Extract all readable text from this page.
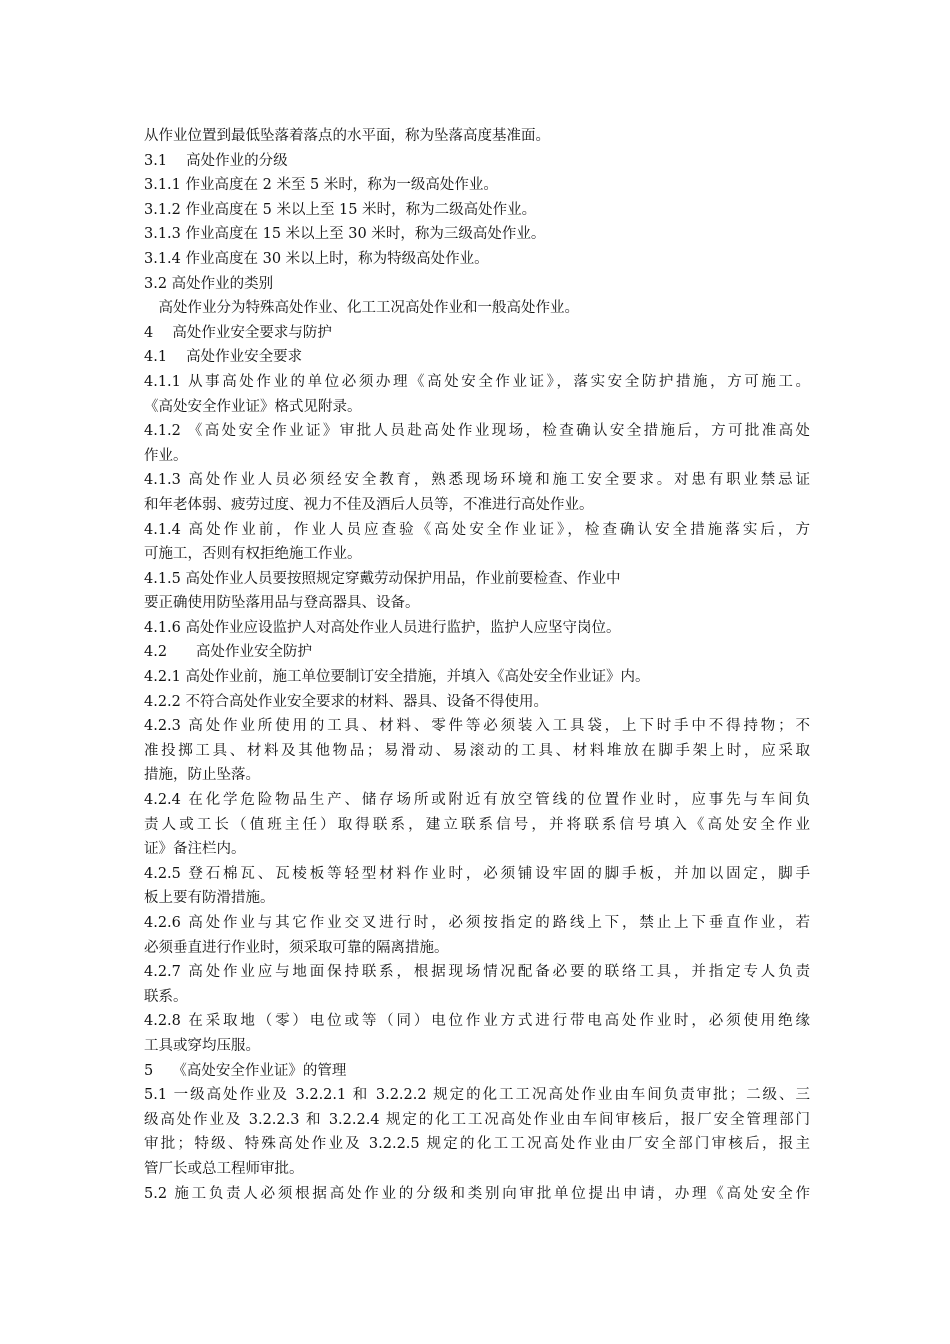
从作业位置到最低坠落着落点的水平面，称为坠落高度基准面。
3.1　 高处作业的分级
3.1.1 作业高度在 2 米至 5 米时，称为一级高处作业。
3.1.2 作业高度在 5 米以上至 15 米时，称为二级高处作业。
3.1.3 作业高度在 15 米以上至 30 米时，称为三级高处作业。
3.1.4 作业高度在 30 米以上时，称为特级高处作业。
3.2 高处作业的类别
　高处作业分为特殊高处作业、化工工况高处作业和一般高处作业。
4　 高处作业安全要求与防护
4.1　 高处作业安全要求
4.1.1 从事高处作业的单位必须办理《高处安全作业证》，落实安全防护措施，方可施工。
《高处安全作业证》格式见附录。
4.1.2 《高处安全作业证》审批人员赴高处作业现场，检查确认安全措施后，方可批准高处
作业。
4.1.3 高处作业人员必须经安全教育，熟悉现场环境和施工安全要求。对患有职业禁忌证
和年老体弱、疲劳过度、视力不佳及酒后人员等，不准进行高处作业。
4.1.4 高处作业前，作业人员应查验《高处安全作业证》，检查确认安全措施落实后，方
可施工，否则有权拒绝施工作业。
4.1.5 高处作业人员要按照规定穿戴劳动保护用品，作业前要检查、作业中
要正确使用防坠落用品与登高器具、设备。
4.1.6 高处作业应设监护人对高处作业人员进行监护，监护人应坚守岗位。
4.2　　高处作业安全防护
4.2.1 高处作业前，施工单位要制订安全措施，并填入《高处安全作业证》内。
4.2.2 不符合高处作业安全要求的材料、器具、设备不得使用。
4.2.3 高处作业所使用的工具、材料、零件等必须装入工具袋，上下时手中不得持物；不
准投掷工具、材料及其他物品；易滑动、易滚动的工具、材料堆放在脚手架上时，应采取
措施，防止坠落。
4.2.4 在化学危险物品生产、储存场所或附近有放空管线的位置作业时，应事先与车间负
责人或工长（值班主任）取得联系，建立联系信号，并将联系信号填入《高处安全作业
证》备注栏内。
4.2.5 登石棉瓦、瓦棱板等轻型材料作业时，必须铺设牢固的脚手板，并加以固定，脚手
板上要有防滑措施。
4.2.6 高处作业与其它作业交叉进行时，必须按指定的路线上下，禁止上下垂直作业，若
必须垂直进行作业时，须采取可靠的隔离措施。
4.2.7 高处作业应与地面保持联系，根据现场情况配备必要的联络工具，并指定专人负责
联系。
4.2.8 在采取地（零）电位或等（同）电位作业方式进行带电高处作业时，必须使用绝缘
工具或穿均压服。
5　 《高处安全作业证》的管理
5.1 一级高处作业及 3.2.2.1 和 3.2.2.2 规定的化工工况高处作业由车间负责审批；二级、三
级高处作业及 3.2.2.3 和 3.2.2.4 规定的化工工况高处作业由车间审核后，报厂安全管理部门
审批；特级、特殊高处作业及 3.2.2.5 规定的化工工况高处作业由厂安全部门审核后，报主
管厂长或总工程师审批。
5.2 施工负责人必须根据高处作业的分级和类别向审批单位提出申请，办理《高处安全作
